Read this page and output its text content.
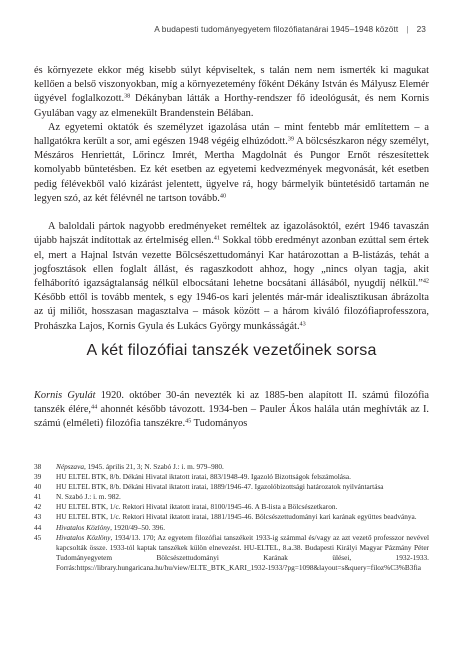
A budapesti tudományegyetem filozófiatanárai 1945–1948 között | 23

és környezete ekkor még kisebb súlyt képviseltek, s talán nem nem ismerték ki magukat kellően a belső viszonyokban, míg a környezetemény főként Dékány István és Mályusz Elemér ügyével foglalkozott.$^{38}$ Dékányban látták a Horthy-rendszer fő ideológusát, és nem Kornis Gyulában vagy az elmenekült Brandenstein Bélában.

Az egyetemi oktatók és személyzet igazolása után – mint fentebb már említettem – a hallgatókra került a sor, ami egészen 1948 végéig elhúzódott.$^{39}$ A bölcsészkaron négy személyt, Mészáros Henriettát, Lőrincz Imrét, Mertha Magdolnát és Pungor Ernőt részesítettek komolyabb büntetésben. Ez két esetben az egyetemi kedvezmények megvonását, két esetben pedig félévekből való kizárást jelentett, ügyelve rá, hogy bármelyik büntetésidő tartamán ne legyen szó, az két félévnél ne tartson tovább.$^{40}$

A baloldali pártok nagyobb eredményeket reméltek az igazolásoktól, ezért 1946 tavaszán újabb hajszát indítottak az értelmiség ellen.$^{41}$ Sokkal több eredményt azonban ezúttal sem értek el, mert a Hajnal István vezette Bölcsészettudományi Kar határozottan a B-listázás, tehát a jogfosztások ellen foglalt állást, és ragaszkodott ahhoz, hogy „nincs olyan tagja, akit felháborító igazságtalanság nélkül elbocsátani lehetne bocsátani állásából, nyugdíj nélkül.”$^{42}$ Később ettől is tovább mentek, s egy 1946-os kari jelentés már-már idealisztikusan ábrázolta az új miliőt, hosszasan magasztalva – mások között – a három kiváló filozófiaprofesszora, Prohászka Lajos, Kornis Gyula és Lukács György munkásságát.$^{43}$

A két filozófiai tanszék vezetőinek sorsa

Kornis Gyulát 1920. október 30-án nevezték ki az 1885-ben alapított II. számú filozófia tanszék élére,$^{44}$ ahonnét később távozott. 1934-ben – Pauler Ákos halála után meghívták az I. számú (elméleti) filozófia tanszékre.$^{45}$ Tudományos

38	Népszava, 1945. április 21, 3; N. Szabó J.: i. m. 979–980.
39	HU ELTEL BTK, 8/b. Dékáni Hivatal iktatott iratai, 883/1948-49. Igazoló Bizottságok felszámolása.
40	HU ELTEL BTK, 8/b. Dékáni Hivatal iktatott iratai, 1889/1946-47. Igazolóbizottsági határozatok nyilvántartása
41	N. Szabó J.: i. m. 982.
42	HU ELTEL BTK, 1/c. Rektori Hivatal iktatott iratai, 8100/1945-46. A B-lista a Bölcsészetkaron.
43	HU ELTEL BTK, 1/c. Rektori Hivatal iktatott iratai, 1881/1945-46. Bölcsészettudományi kari karának együttes beadványa.
44	Hivatalos Közlöny, 1920/49–50. 396.
45	Hivatalos Közlöny, 1934/13. 170; Az egyetem filozófiai tanszékeit 1933-ig számmal és/vagy az azt vezető professzor nevével kapcsolták össze. 1933-tól kaptak tanszékek külön elnevezést. HU-ELTEL, 8.a.38. Budapesti Királyi Magyar Pázmány Péter Tudományegyetem Bölcsészettudományi Karának ülései, 1932-1933. Forrás:https://library.hungaricana.hu/hu/view/ELTE_BTK_KARI_1932-1933/?pg=1098&layout=s&query=filoz%C3%B3fia
